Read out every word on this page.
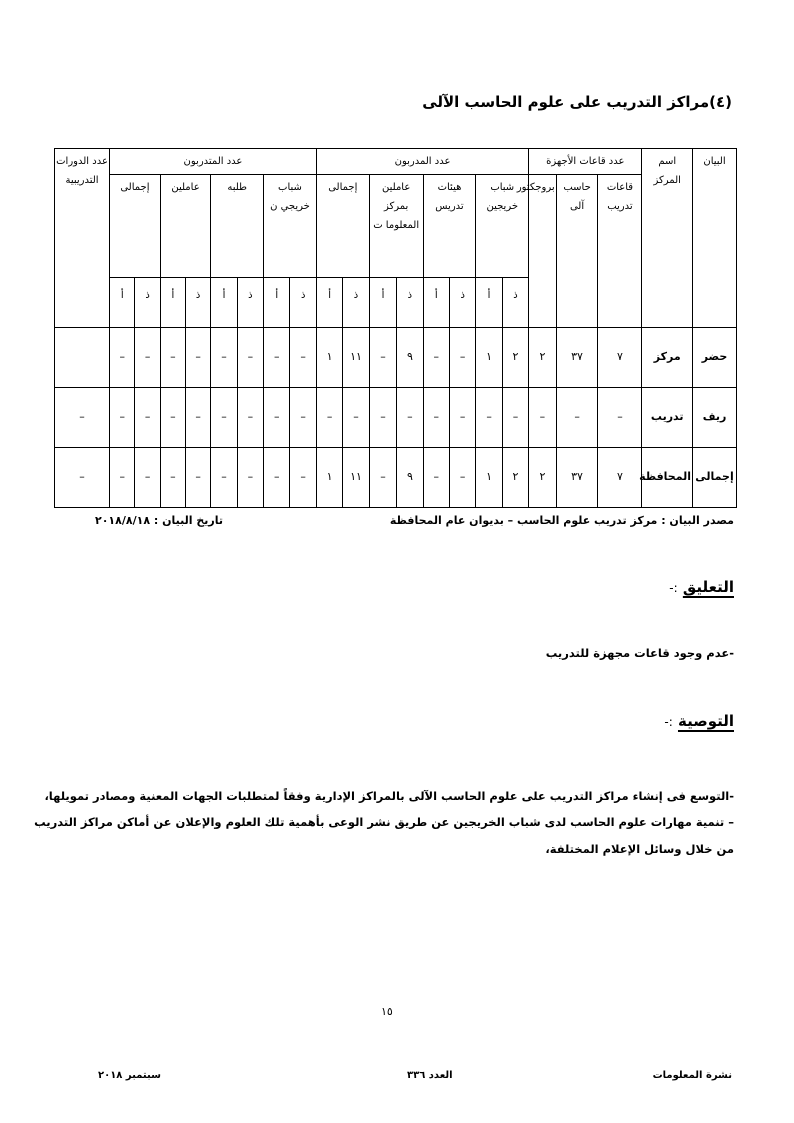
(٤)مراكز التدريب على علوم الحاسب الآلى
البيان	اسم المركز	عدد قاعات الأجهزة			عدد المدربون								عدد المتدربون								عدد الدورات التدريبية
		قاعات تدريب	حاسب آلى	بروجكتور	شباب خريجين		هيئات تدريس		عاملين بمركز المعلوما ت		إجمالى		شباب خريجي ن		طلبه		عاملين		إجمالى		
					ذ	أ	ذ	أ	ذ	أ	ذ	أ	ذ	أ	ذ	أ	ذ	أ	ذ	أ	
حضر	مركز	٧	٣٧	٢	٢	١	–	–	٩	–	١١	١	–	–	–	–	–	–	–	–	
ريف	تدريب	–	–	–	–	–	–	–	–	–	–	–	–	–	–	–	–	–	–	–	–
إجمالى	المحافظة	٧	٣٧	٢	٢	١	–	–	٩	–	١١	١	–	–	–	–	–	–	–	–	–
مصدر البيان : مركز تدريب علوم الحاسب – بديوان عام المحافظة
تاريخ البيان : ٢٠١٨/٨/١٨
التعليق :-
-عدم وجود قاعات مجهزة للتدريب
التوصية :-
-التوسع فى إنشاء مراكز التدريب على علوم الحاسب الآلى بالمراكز الإدارية وفقاً لمتطلبات الجهات المعنية ومصادر تمويلها،
– تنمية مهارات علوم الحاسب لدى شباب الخريجين عن طريق نشر الوعى بأهمية تلك العلوم والإعلان عن أماكن مراكز التدريب
من خلال وسائل الإعلام المختلفة،
١٥
نشرة المعلومات
العدد ٣٣٦
سبتمبر ٢٠١٨
